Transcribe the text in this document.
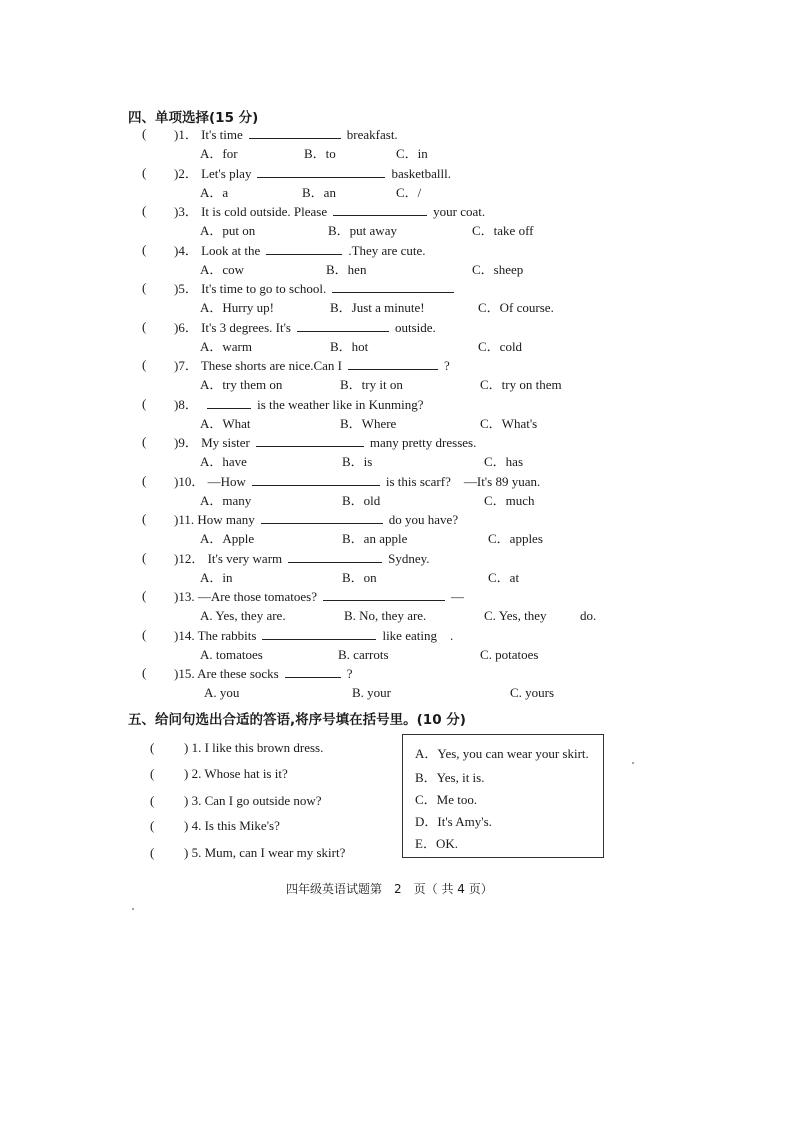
四、单项选择(15 分)
( )1． It's time	breakfast.
A．for	B．to	C．in
( )2． Let's play	basketballl.
A．a	B．an	C．/
( )3． It is cold outside. Please	your coat.
A．put on	B．put away	C．take off
( )4． Look at the	.They are cute.
A．cow	B．hen	C．sheep
( )5． It's time to go to school.
A．Hurry up!	B．Just a minute!	C．Of course.
( )6． It's 3 degrees. It's	outside.
A．warm	B．hot	C．cold
( )7． These shorts are nice.Can I	?
A．try them on	B．try it on	C．try on them
( )8．	is the weather like in Kunming?
A．What	B．Where	C．What's
( )9． My sister	many pretty dresses.
A．have	B．is	C．has
( )10． —How	is this scarf? —It's 89 yuan.
A．many	B．old	C．much
( )11. How many	do you have?
A．Apple	B．an apple	C．apples
( )12． It's very warm	Sydney.
A．in	B．on	C．at
( )13. —Are those tomatoes?	—
A. Yes, they are.	B. No, they are.	C. Yes, they	do.
( )14. The rabbits	like eating .
A. tomatoes	B. carrots	C. potatoes
( )15. Are these socks	?
A. you	B. your	C. yours
五、给问句选出合适的答语,将序号填在括号里。(10 分)
( ) 1. I like this brown dress.
( ) 2. Whose hat is it?
( ) 3. Can I go outside now?
( ) 4. Is this Mike's?
( ) 5. Mum, can I wear my skirt?
A．Yes, you can wear your skirt.
B．Yes, it is.
C．Me too.
D．It's Amy's.
E．OK.
四年级英语试题第　2　页（ 共 4 页）
